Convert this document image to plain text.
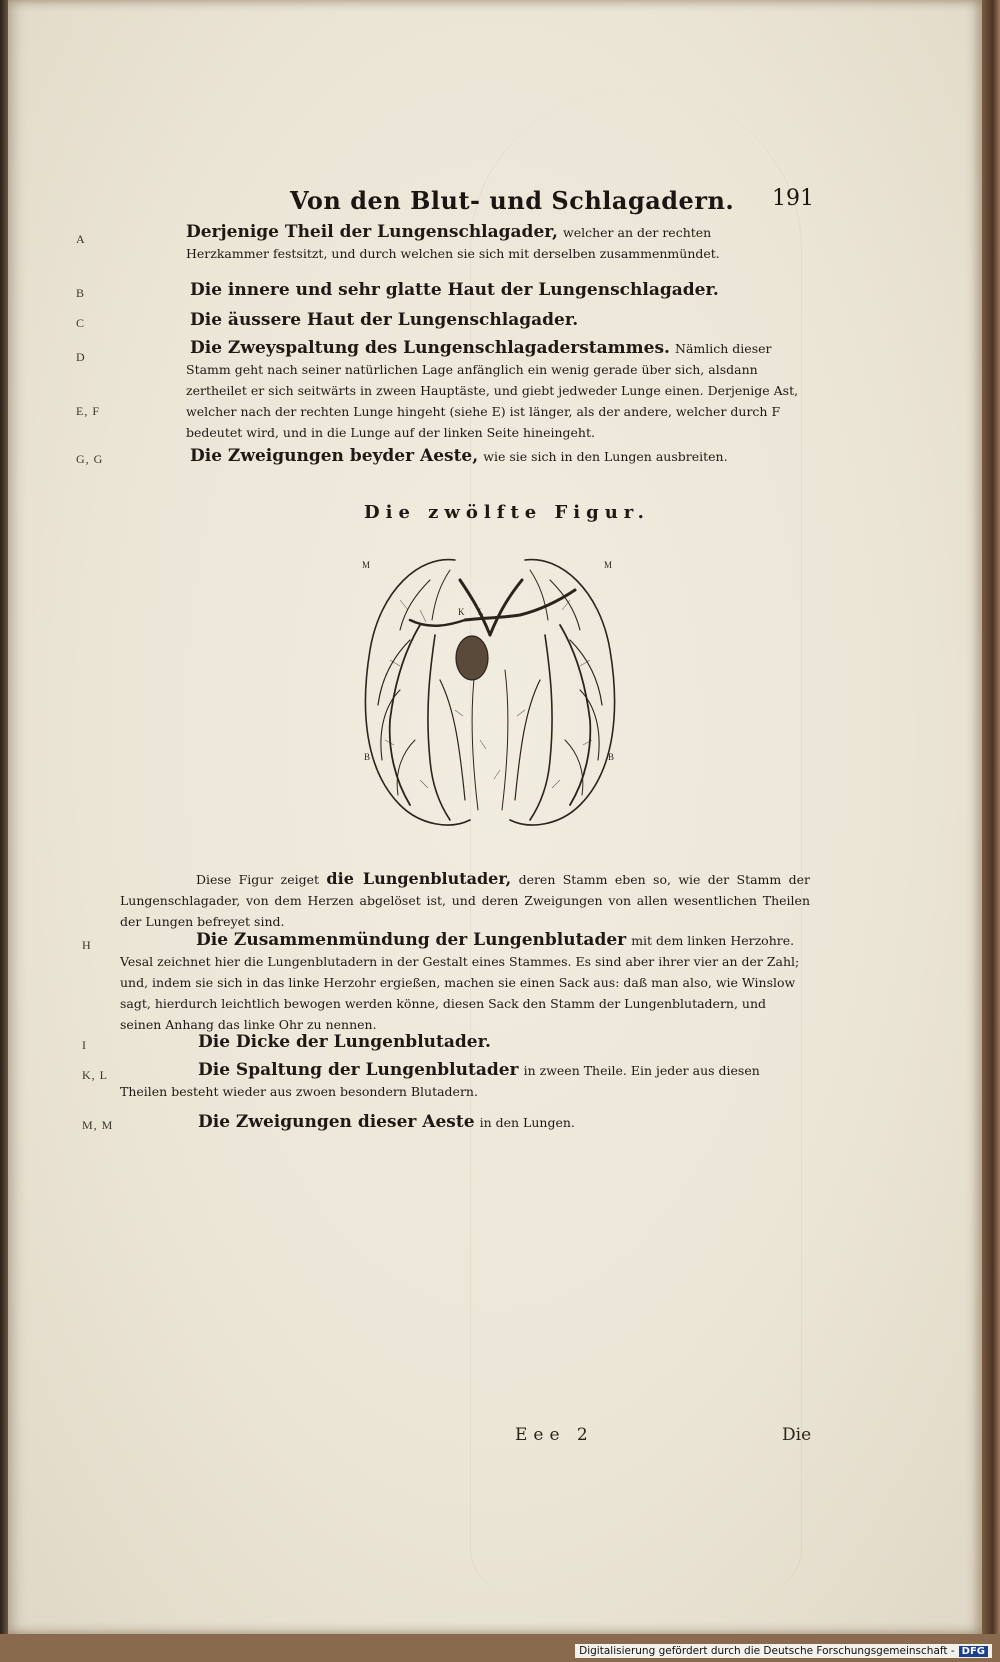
Von den Blut- und Schlagadern. 191
A	Derjenige Theil der Lungenschlagader, welcher an der rechten Herzkammer festsitzt, und durch welchen sie sich mit derselben zusammenmündet.
B	Die innere und sehr glatte Haut der Lungenschlagader.
C	Die äussere Haut der Lungenschlagader.
D	Die Zweyspaltung des Lungenschlagaderstammes. Nämlich dieser Stamm geht nach seiner natürlichen Lage anfänglich ein wenig gerade über sich, alsdann zertheilet er sich seitwärts in zween Hauptäste, und giebt jedweder Lunge einen. Derjenige Ast, welcher nach der rechten Lunge hingeht (siehe E) ist länger, als der andere, welcher durch F bedeutet wird, und in die Lunge auf der linken Seite hineingeht.
E, F
G, G	Die Zweigungen beyder Aeste, wie sie sich in den Lungen ausbreiten.
Die zwölfte Figur.
M	M
K L
B	B
Diese Figur zeiget die Lungenblutader, deren Stamm eben so, wie der Stamm der Lungenschlagader, von dem Herzen abgelöset ist, und deren Zweigungen von allen wesentlichen Theilen der Lungen befreyet sind.
H	Die Zusammenmündung der Lungenblutader mit dem linken Herzohre. Vesal zeichnet hier die Lungenblutadern in der Gestalt eines Stammes. Es sind aber ihrer vier an der Zahl; und, indem sie sich in das linke Herzohr ergießen, machen sie einen Sack aus: daß man also, wie Winslow sagt, hierdurch leichtlich bewogen werden könne, diesen Sack den Stamm der Lungenblutadern, und seinen Anhang das linke Ohr zu nennen.
I	Die Dicke der Lungenblutader.
K, L	Die Spaltung der Lungenblutader in zween Theile. Ein jeder aus diesen Theilen besteht wieder aus zwoen besondern Blutadern.
M, M	Die Zweigungen dieser Aeste in den Lungen.
Eee 2	Die
Digitalisierung gefördert durch die Deutsche Forschungsgemeinschaft - DFG
